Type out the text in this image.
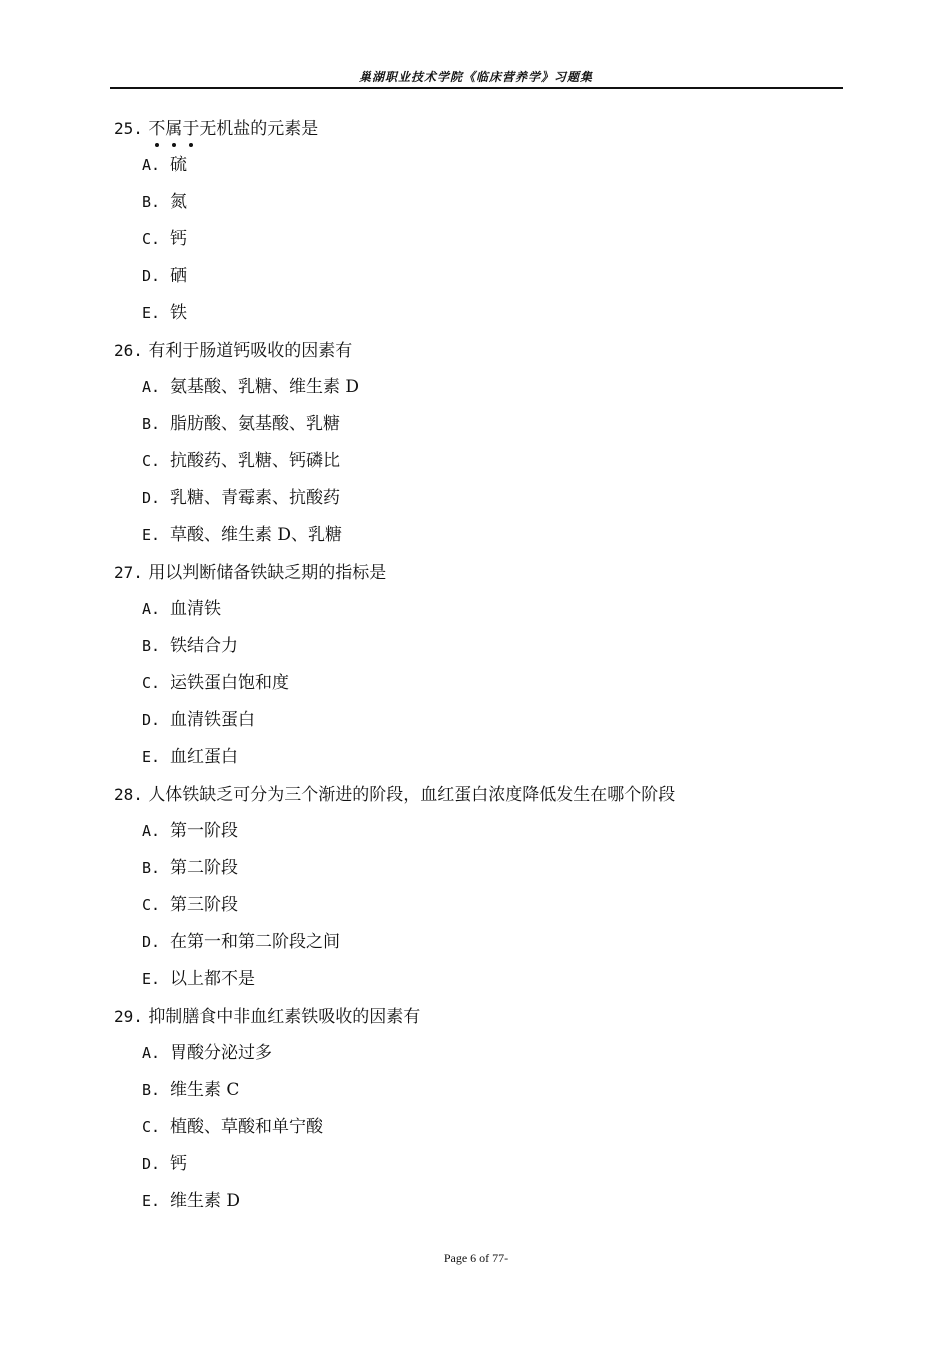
巢湖职业技术学院《临床营养学》习题集
25. 不属于无机盐的元素是
A. 硫
B. 氮
C. 钙
D. 硒
E. 铁
26. 有利于肠道钙吸收的因素有
A. 氨基酸、乳糖、维生素 D
B. 脂肪酸、氨基酸、乳糖
C. 抗酸药、乳糖、钙磷比
D. 乳糖、青霉素、抗酸药
E. 草酸、维生素 D、乳糖
27. 用以判断储备铁缺乏期的指标是
A. 血清铁
B. 铁结合力
C. 运铁蛋白饱和度
D. 血清铁蛋白
E. 血红蛋白
28. 人体铁缺乏可分为三个渐进的阶段，血红蛋白浓度降低发生在哪个阶段
A. 第一阶段
B. 第二阶段
C. 第三阶段
D. 在第一和第二阶段之间
E. 以上都不是
29. 抑制膳食中非血红素铁吸收的因素有
A. 胃酸分泌过多
B. 维生素 C
C. 植酸、草酸和单宁酸
D. 钙
E. 维生素 D
Page 6 of 77-
